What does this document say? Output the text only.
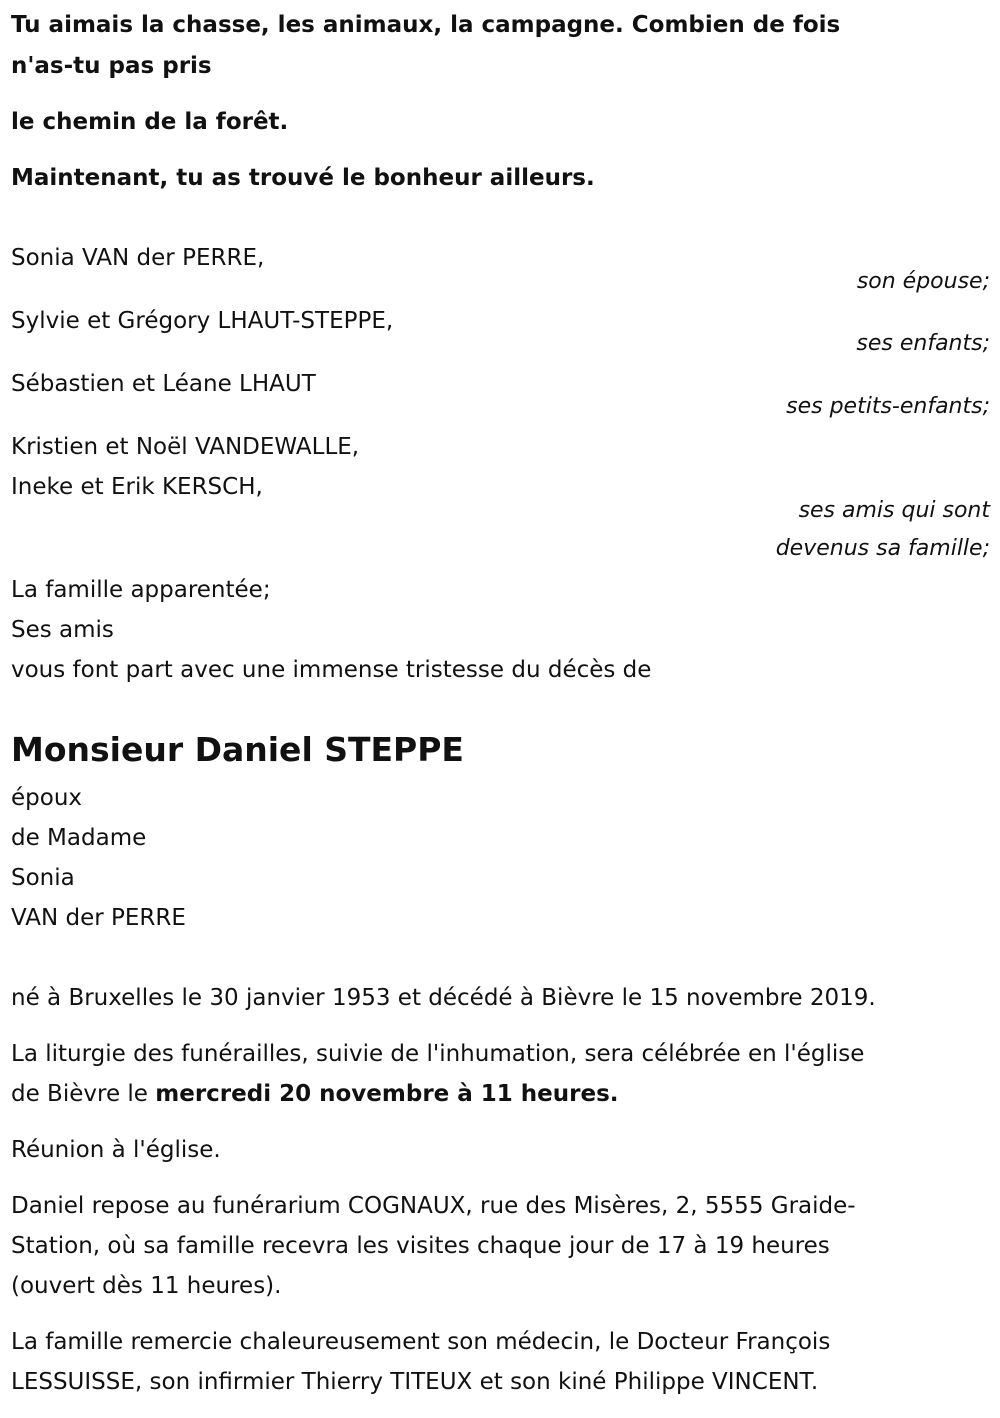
Tu aimais la chasse, les animaux, la campagne. Combien de fois
n'as-tu pas pris
le chemin de la forêt.
Maintenant, tu as trouvé le bonheur ailleurs.
Sonia VAN der PERRE,
son épouse;
Sylvie et Grégory LHAUT-STEPPE,
ses enfants;
Sébastien et Léane LHAUT
ses petits-enfants;
Kristien et Noël VANDEWALLE,
Ineke et Erik KERSCH,
ses amis qui sont
devenus sa famille;
La famille apparentée;
Ses amis
vous font part avec une immense tristesse du décès de
Monsieur Daniel STEPPE
époux
de Madame
Sonia
VAN der PERRE
né à Bruxelles le 30 janvier 1953 et décédé à Bièvre le 15 novembre 2019.
La liturgie des funérailles, suivie de l'inhumation, sera célébrée en l'église
de Bièvre le mercredi 20 novembre à 11 heures.
Réunion à l'église.
Daniel repose au funérarium COGNAUX, rue des Misères, 2, 5555 Graide-
Station, où sa famille recevra les visites chaque jour de 17 à 19 heures
(ouvert dès 11 heures).
La famille remercie chaleureusement son médecin, le Docteur François
LESSUISSE, son infirmier Thierry TITEUX et son kiné Philippe VINCENT.
